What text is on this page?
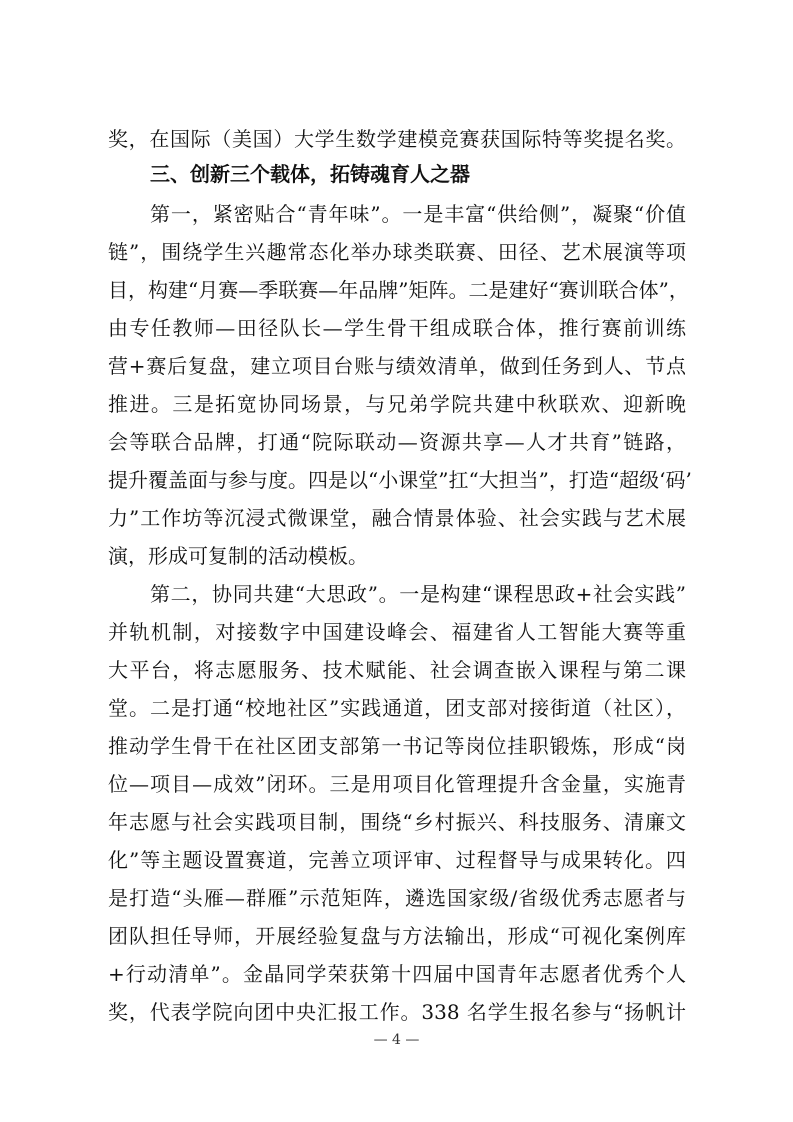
奖，在国际（美国）大学生数学建模竞赛获国际特等奖提名奖。
三、创新三个载体，拓铸魂育人之器
第一，紧密贴合“青年味”。一是丰富“供给侧”，凝聚“价值
链”，围绕学生兴趣常态化举办球类联赛、田径、艺术展演等项
目，构建“月赛—季联赛—年品牌”矩阵。二是建好“赛训联合体”，
由专任教师—田径队长—学生骨干组成联合体，推行赛前训练
营+赛后复盘，建立项目台账与绩效清单，做到任务到人、节点
推进。三是拓宽协同场景，与兄弟学院共建中秋联欢、迎新晚
会等联合品牌，打通“院际联动—资源共享—人才共育”链路，
提升覆盖面与参与度。四是以“小课堂”扛“大担当”，打造“超级‘码’
力”工作坊等沉浸式微课堂，融合情景体验、社会实践与艺术展
演，形成可复制的活动模板。
第二，协同共建“大思政”。一是构建“课程思政+社会实践”
并轨机制，对接数字中国建设峰会、福建省人工智能大赛等重
大平台，将志愿服务、技术赋能、社会调查嵌入课程与第二课
堂。二是打通“校地社区”实践通道，团支部对接街道（社区），
推动学生骨干在社区团支部第一书记等岗位挂职锻炼，形成“岗
位—项目—成效”闭环。三是用项目化管理提升含金量，实施青
年志愿与社会实践项目制，围绕“乡村振兴、科技服务、清廉文
化”等主题设置赛道，完善立项评审、过程督导与成果转化。四
是打造“头雁—群雁”示范矩阵，遴选国家级/省级优秀志愿者与
团队担任导师，开展经验复盘与方法输出，形成“可视化案例库
+行动清单”。金晶同学荣获第十四届中国青年志愿者优秀个人
奖，代表学院向团中央汇报工作。338 名学生报名参与“扬帆计
— 4 —
